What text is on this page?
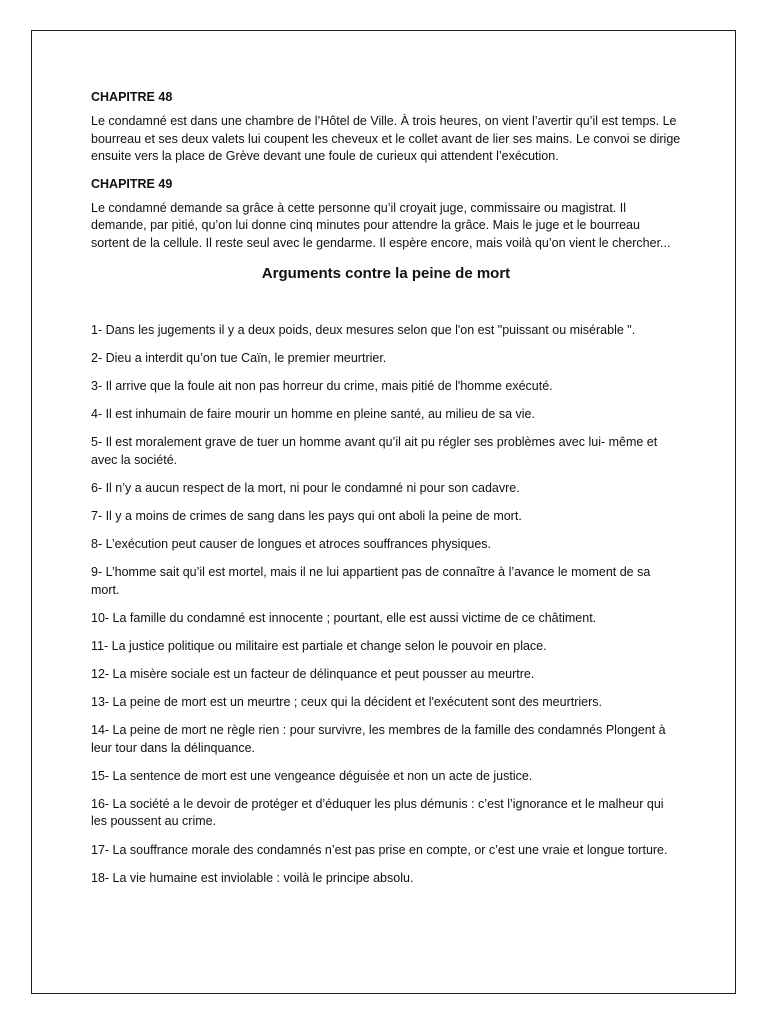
CHAPITRE 48

Le condamné est dans une chambre de l’Hôtel de Ville. À trois heures, on vient l’avertir qu’il est temps. Le bourreau et ses deux valets lui coupent les cheveux et le collet avant de lier ses mains. Le convoi se dirige ensuite vers la place de Grève devant une foule de curieux qui attendent l’exécution.

CHAPITRE 49

Le condamné demande sa grâce à cette personne qu’il croyait juge, commissaire ou magistrat. Il demande, par pitié, qu’on lui donne cinq minutes pour attendre la grâce. Mais le juge et le bourreau sortent de la cellule. Il reste seul avec le gendarme. Il espère encore, mais voilà qu’on vient le chercher...

Arguments contre la peine de mort

1- Dans les jugements il y a deux poids, deux mesures selon que l'on est "puissant ou misérable ".

2- Dieu a interdit qu’on tue Caïn, le premier meurtrier.

3- Il arrive que la foule ait non pas horreur du crime, mais pitié de l'homme exécuté.

4- Il est inhumain de faire mourir un homme en pleine santé, au milieu de sa vie.

5- Il est moralement grave de tuer un homme avant qu’il ait pu régler ses problèmes avec lui- même et avec la société.

6- Il n’y a aucun respect de la mort, ni pour le condamné ni pour son cadavre.

7- Il y a moins de crimes de sang dans les pays qui ont aboli la peine de mort.

8- L’exécution peut causer de longues et atroces souffrances physiques.

9- L’homme sait qu’il est mortel, mais il ne lui appartient pas de connaître à l’avance le moment de sa mort.

10- La famille du condamné est innocente ; pourtant, elle est aussi victime de ce châtiment.

11- La justice politique ou militaire est partiale et change selon le pouvoir en place.

12- La misère sociale est un facteur de délinquance et peut pousser au meurtre.

13- La peine de mort est un meurtre ; ceux qui la décident et l'exécutent sont des meurtriers.

14- La peine de mort ne règle rien : pour survivre, les membres de la famille des condamnés Plongent à leur tour dans la délinquance.

15- La sentence de mort est une vengeance déguisée et non un acte de justice.

16- La société a le devoir de protéger et d’éduquer les plus démunis : c’est l’ignorance et le malheur qui les poussent au crime.

17- La souffrance morale des condamnés n’est pas prise en compte, or c’est une vraie et longue torture.

18- La vie humaine est inviolable : voilà le principe absolu.
